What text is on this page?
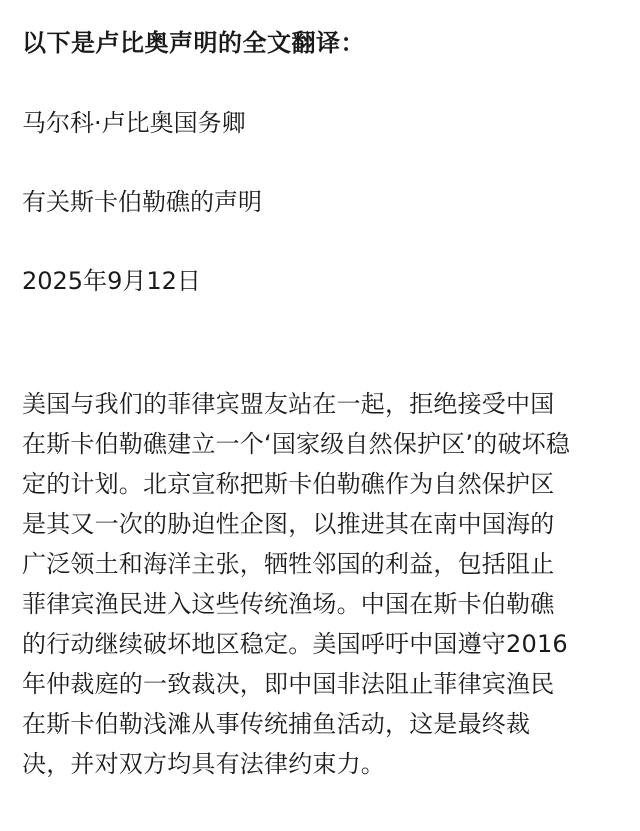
以下是卢比奥声明的全文翻译：

马尔科·卢比奥国务卿

有关斯卡伯勒礁的声明

2025年9月12日

美国与我们的菲律宾盟友站在一起，拒绝接受中国
在斯卡伯勒礁建立一个‘国家级自然保护区’的破坏稳
定的计划。北京宣称把斯卡伯勒礁作为自然保护区
是其又一次的胁迫性企图，以推进其在南中国海的
广泛领土和海洋主张，牺牲邻国的利益，包括阻止
菲律宾渔民进入这些传统渔场。中国在斯卡伯勒礁
的行动继续破坏地区稳定。美国呼吁中国遵守2016
年仲裁庭的一致裁决，即中国非法阻止菲律宾渔民
在斯卡伯勒浅滩从事传统捕鱼活动，这是最终裁
决，并对双方均具有法律约束力。
